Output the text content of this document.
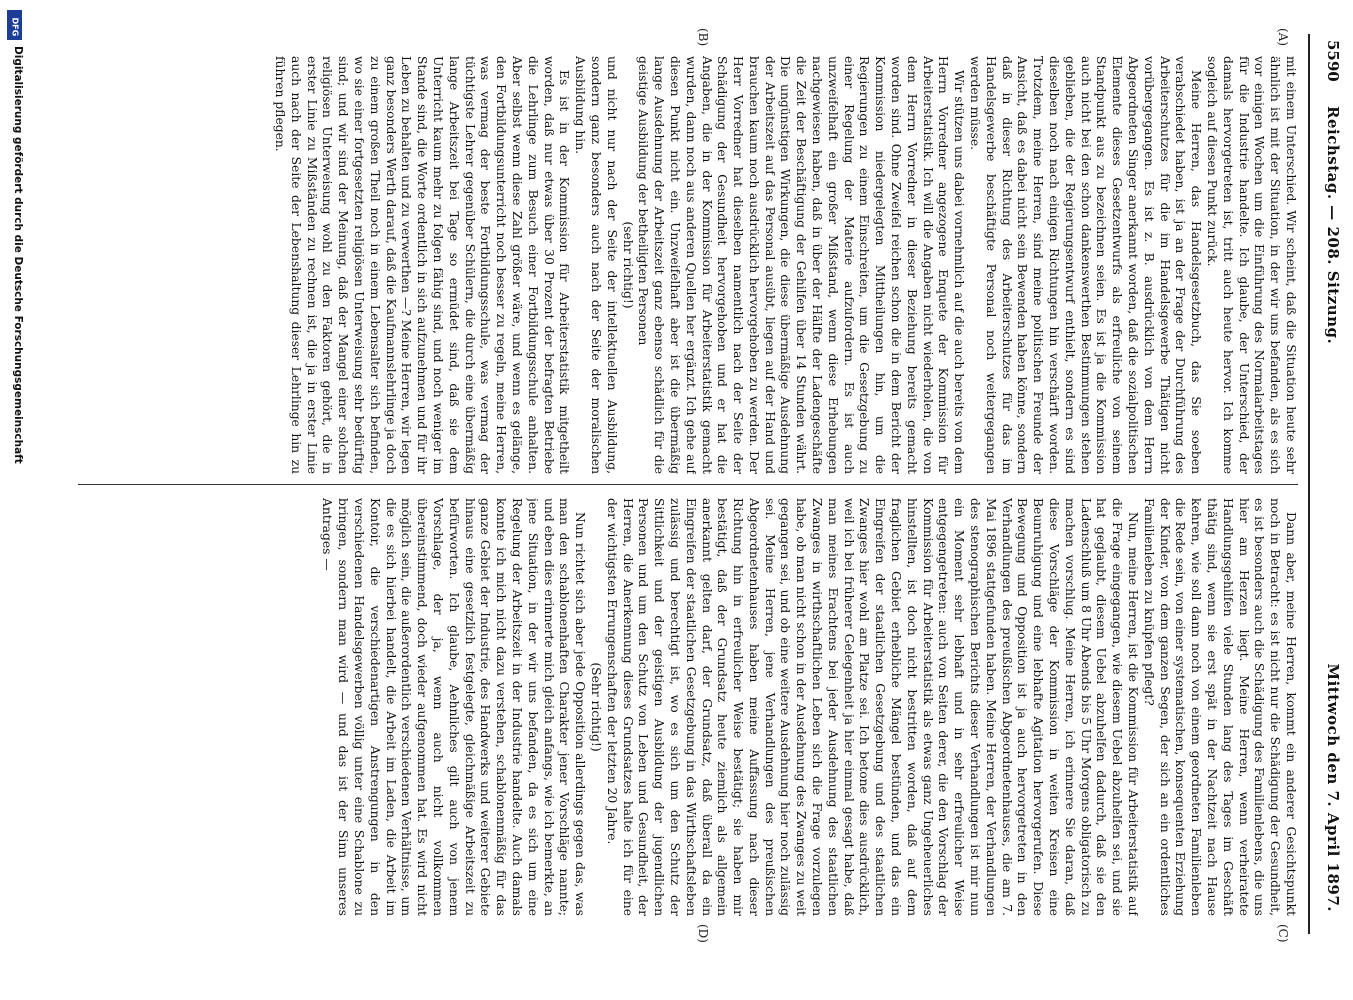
DFG
Digitalisierung gefördert durch die Deutsche Forschungsgemeinschaft	5590
Reichstag. — 208. Sitzung.
Mittwoch den 7. April 1897.
(A)
(B)
(C)
(D)

mit einem Unterschied. Wir scheint, daß die Situation heute sehr ähnlich ist mit der Situation, in der wir uns befanden, als es sich vor einigen Wochen um die Einführung des Normalarbeitstages für die Industrie handelte. Ich glaube, der Unterschied, der damals hervorgetreten ist, tritt auch heute hervor. Ich komme sogleich auf diesen Punkt zurück.

Meine Herren, das Handelsgesetzbuch, das Sie soeben verabschiedet haben, ist ja an der Frage der Durchführung des Arbeiterschutzes für die im Handelsgewerbe Thätigen nicht vorübergegangen. Es ist z. B. ausdrücklich von dem Herrn Abgeordneten Singer anerkannt worden, daß die sozialpolitischen Elemente dieses Gesetzentwurfs als erfreuliche von seinem Standpunkt aus zu bezeichnen seien. Es ist ja die Kommission auch nicht bei den schon dankenswerthen Bestimmungen stehen geblieben, die der Regierungsentwurf enthielt, sondern es sind dieselben noch nach einigen Richtungen hin verschärft worden. Trotzdem, meine Herren, sind meine politischen Freunde der Ansicht, daß es dabei nicht sein Bewenden haben könne, sondern daß in dieser Richtung des Arbeiterschutzes für das im Handelsgewerbe beschäftigte Personal noch weitergegangen werden müsse.

Wir stützen uns dabei vornehmlich auf die auch bereits von dem Herrn Vorredner angezogene Enquete der Kommission für Arbeiterstatistik. Ich will die Angaben nicht wiederholen, die von dem Herrn Vorredner in dieser Beziehung bereits gemacht worden sind. Ohne Zweifel reichen schon die in dem Bericht der Kommission niedergelegten Mittheilungen hin, um die Regierungen zu einem Einschreiten, um die Gesetzgebung zu einer Regelung der Materie aufzufordern. Es ist auch unzweifelhaft ein großer Mißstand, wenn diese Erhebungen nachgewiesen haben, daß in über der Hälfte der Ladengeschäfte die Zeit der Beschäftigung der Gehilfen über 14 Stunden währt. Die ungünstigen Wirkungen, die diese übermäßige Ausdehnung der Arbeitszeit auf das Personal ausübt, liegen auf der Hand und brauchen kaum noch ausdrücklich hervorgehoben zu werden. Der Herr Vorredner hat dieselben namentlich nach der Seite der Schädigung der Gesundheit hervorgehoben und er hat die Angaben, die in der Kommission für Arbeiterstatistik gemacht wurden, dann noch aus anderen Quellen her ergänzt. Ich gehe auf diesen Punkt nicht ein. Unzweifelhaft aber ist die übermäßig lange Ausdehnung der Arbeitszeit ganz ebenso schädlich für die geistige Ausbildung der betheiligten Personen

(sehr richtig!)

und nicht nur nach der Seite der intellektuellen Ausbildung, sondern ganz besonders auch nach der Seite der moralischen Ausbildung hin.

Es ist in der Kommission für Arbeiterstatistik mitgetheilt worden, daß nur etwas über 30 Prozent der befragten Betriebe die Lehrlinge zum Besuch einer Fortbildungsschule anhalten. Aber selbst wenn diese Zahl größer wäre, und wenn es gelänge, den Fortbildungsunterricht noch besser zu regeln, meine Herren, was vermag der beste Fortbildungsschule, was vermag der tüchtigste Lehrer gegenüber Schülern, die durch eine übermäßig lange Arbeitszeit bei Tage so ermüdet sind, daß sie dem Unterricht kaum mehr zu folgen fähig sind, und noch weniger im Stande sind, die Worte ordentlich in sich aufzunehmen und für ihr Leben zu behalten und zu verwerthen —? Meine Herren, wir legen ganz besonders Werth darauf, daß die Kaufmannslehrlinge ja doch zu einem großen Theil noch in einem Lebensalter sich befinden, wo sie einer fortgesetzten religiösen Unterweisung sehr bedürftig sind; und wir sind der Meinung, daß der Mangel einer solchen religiösen Unterweisung wohl zu den Faktoren gehört, die in erster Linie zu Mißständen zu rechnen ist, die ja in erster Linie auch nach der Seite der Lebenshaltung dieser Lehrlinge hin zu führen pflegen.

Dann aber, meine Herren, kommt ein anderer Gesichtspunkt noch in Betracht: es ist nicht nur die Schädigung der Gesundheit, es ist besonders auch die Schädigung des Familienlebens, die uns hier am Herzen liegt. Meine Herren, wenn verheiratete Handlungsgehilfen viele Stunden lang des Tages im Geschäft thätig sind, wenn sie erst spät in der Nachtzeit nach Hause kehren, wie soll dann noch von einem geordneten Familienleben die Rede sein, von einer systematischen, konsequenten Erziehung der Kinder, von dem ganzen Segen, der sich an ein ordentliches Familienleben zu knüpfen pflegt?

Nun, meine Herren, ist die Kommission für Arbeiterstatistik auf die Frage eingegangen, wie diesem Uebel abzuhelfen sei, und sie hat geglaubt, diesem Uebel abzuhelfen dadurch, daß sie den Ladenschluß um 8 Uhr Abends bis 5 Uhr Morgens obligatorisch zu machen vorschlug. Meine Herren, ich erinnere Sie daran, daß diese Vorschläge der Kommission in weiten Kreisen eine Beunruhigung und eine lebhafte Agitation hervorgerufen. Diese Bewegung und Opposition ist ja auch hervorgetreten in den Verhandlungen des preußischen Abgeordnetenhauses, die am 7. Mai 1896 stattgefunden haben. Meine Herren, der Verhandlungen des stenographischen Berichts dieser Verhandlungen ist mir nun ein Moment sehr lebhaft und in sehr erfreulicher Weise entgegengetreten: auch von Seiten derer, die den Vorschlag der Kommission für Arbeiterstatistik als etwas ganz Ungeheuerliches hinstellten, ist doch nicht bestritten worden, daß auf dem fraglichen Gebiet erhebliche Mängel bestünden, und das ein Eingreifen der staatlichen Gesetzgebung und des staatlichen Zwanges hier wohl am Platze sei. Ich betone dies ausdrücklich, weil ich bei früherer Gelegenheit ja hier einmal gesagt habe, daß man meines Erachtens bei jeder Ausdehnung des staatlichen Zwanges in wirthschaftlichen Leben sich die Frage vorzulegen habe, ob man nicht schon in der Ausdehnung des Zwanges zu weit gegangen sei, und ob eine weitere Ausdehnung hier noch zulässig sei. Meine Herren, jene Verhandlungen des preußischen Abgeordnetenhauses haben meine Auffassung nach dieser Richtung hin in erfreulicher Weise bestätigt; sie haben mir bestätigt, daß der Grundsatz heute ziemlich als allgemein anerkannt gelten darf, der Grundsatz, daß überall da ein Eingreifen der staatlichen Gesetzgebung in das Wirthschaftsleben zulässig und berechtigt ist, wo es sich um den Schutz der Sittlichkeit und der geistigen Ausbildung der jugendlichen Personen und um den Schutz von Leben und Gesundheit, der Herren, die Anerkennung dieses Grundsatzes halte ich für eine der wichtigsten Errungenschaften der letzten 20 Jahre.

(Sehr richtig!)

Nun richtet sich aber jede Opposition allerdings gegen das, was man den schablonenhaften Charakter jener Vorschläge nannte; und eben dies erinnerte mich gleich anfangs, wie ich bemerkte, an jene Situation, in der wir uns befanden, da es sich um eine Regelung der Arbeitszeit in der Industrie handelte. Auch damals konnte ich mich nicht dazu verstehen, schablonenmäßig für das ganze Gebiet der Industrie, des Handwerks und weiterer Gebiete hinaus eine gesetzlich festgelegte, gleichmäßige Arbeitszeit zu befürworten. Ich glaube, Aehnliches gilt auch von jenem Vorschlage, der ja, wenn auch nicht vollkommen übereinstimmend, doch wieder aufgenommen hat. Es wird nicht möglich sein, die außerordentlich verschiedenen Verhältnisse, um die es sich hierbei handelt, die Arbeit im Laden, die Arbeit im Kontoir, die verschiedenartigen Anstrengungen in den verschiedenen Handelsgewerben völlig unter eine Schablone zu bringen, sondern man wird — und das ist der Sinn unseres Antrages —
